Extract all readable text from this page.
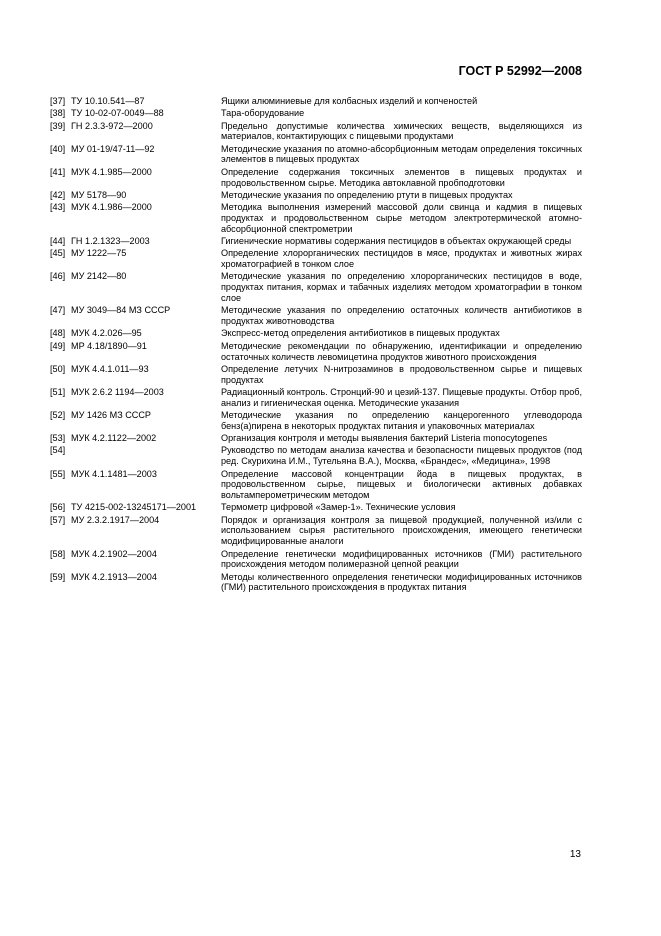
ГОСТ Р 52992—2008
[37] ТУ 10.10.541—87	Ящики алюминиевые для колбасных изделий и копченостей
[38] ТУ 10-02-07-0049—88	Тара-оборудование
[39] ГН 2.3.3-972—2000	Предельно допустимые количества химических веществ, выделяющихся из материалов, контактирующих с пищевыми продуктами
[40] МУ 01-19/47-11—92	Методические указания по атомно-абсорбционным методам определения токсичных элементов в пищевых продуктах
[41] МУК 4.1.985—2000	Определение содержания токсичных элементов в пищевых продуктах и продовольственном сырье. Методика автоклавной пробподготовки
[42] МУ 5178—90	Методические указания по определению ртути в пищевых продуктах
[43] МУК 4.1.986—2000	Методика выполнения измерений массовой доли свинца и кадмия в пищевых продуктах и продовольственном сырье методом электротермической атомно-абсорбционной спектрометрии
[44] ГН 1.2.1323—2003	Гигиенические нормативы содержания пестицидов в объектах окружающей среды
[45] МУ 1222—75	Определение хлорорганических пестицидов в мясе, продуктах и животных жирах хроматографией в тонком слое
[46] МУ 2142—80	Методические указания по определению хлорорганических пестицидов в воде, продуктах питания, кормах и табачных изделиях методом хроматографии в тонком слое
[47] МУ 3049—84 МЗ СССР	Методические указания по определению остаточных количеств антибиотиков в продуктах животноводства
[48] МУК 4.2.026—95	Экспресс-метод определения антибиотиков в пищевых продуктах
[49] МР 4.18/1890—91	Методические рекомендации по обнаружению, идентификации и определению остаточных количеств левомицетина продуктов животного происхождения
[50] МУК 4.4.1.011—93	Определение летучих N-нитрозаминов в продовольственном сырье и пищевых продуктах
[51] МУК 2.6.2 1194—2003	Радиационный контроль. Стронций-90 и цезий-137. Пищевые продукты. Отбор проб, анализ и гигиеническая оценка. Методические указания
[52] МУ 1426 МЗ СССР	Методические указания по определению канцерогенного углеводорода бенз(а)пирена в некоторых продуктах питания и упаковочных материалах
[53] МУК 4.2.1122—2002	Организация контроля и методы выявления бактерий Listeria monocytogenes
[54]	Руководство по методам анализа качества и безопасности пищевых продуктов (под ред. Скурихина И.М., Тутельяна В.А.), Москва, «Брандес», «Медицина», 1998
[55] МУК 4.1.1481—2003	Определение массовой концентрации йода в пищевых продуктах, в продовольственном сырье, пищевых и биологически активных добавках вольтамперометрическим методом
[56] ТУ 4215-002-13245171—2001	Термометр цифровой «Замер-1». Технические условия
[57] МУ 2.3.2.1917—2004	Порядок и организация контроля за пищевой продукцией, полученной из/или с использованием сырья растительного происхождения, имеющего генетически модифицированные аналоги
[58] МУК 4.2.1902—2004	Определение генетически модифицированных источников (ГМИ) растительного происхождения методом полимеразной цепной реакции
[59] МУК 4.2.1913—2004	Методы количественного определения генетически модифицированных источников (ГМИ) растительного происхождения в продуктах питания
13
